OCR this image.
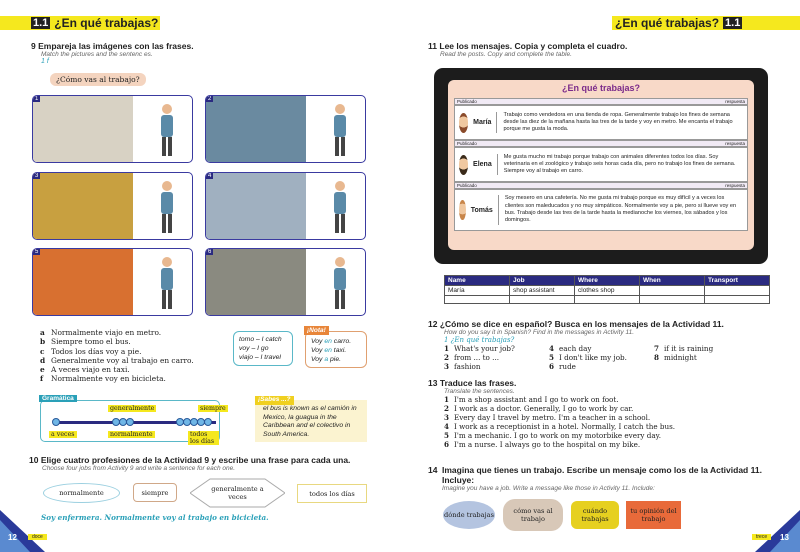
1.1 ¿En qué trabajas?
9 Empareja las imágenes con las frases.
Match the pictures and the sentenc es.
1 f
¿Cómo vas al trabajo?
1	2
3	4
5	6
a Normalmente viajo en metro.
b Siempre tomo el bus.
c Todos los días voy a pie.
d Generalmente voy al trabajo en carro.
e A veces viajo en taxi.
f Normalmente voy en bicicleta.
tomo – I catch
voy – I go
viajo – I travel
¡Nota!
Voy en carro.
Voy en taxi.
Voy a pie.
Gramática
generalmente	siempre
a veces	normalmente	todos los días
¡Sabes ...?
el bus is known as el camión in Mexico, la guagua in the Caribbean and el colectivo in South America.
10 Elige cuatro profesiones de la Actividad 9 y escribe una frase para cada una.
Choose four jobs from Activity 9 and write a sentence for each one.
normalmente	siempre	generalmente a veces	todos los días
Soy enfermera. Normalmente voy al trabajo en bicicleta.
12	doce
¿En qué trabajas? 1.1
11 Lee los mensajes. Copia y completa el cuadro.
Read the posts. Copy and complete the table.
¿En qué trabajas?
Publicado	respuesta
María
Trabajo como vendedora en una tienda de ropa. Generalmente trabajo los fines de semana desde las diez de la mañana hasta las tres de la tarde y voy en metro. Me encanta el trabajo porque me gusta la moda.
Publicado	respuesta
Elena
Me gusta mucho mi trabajo porque trabajo con animales diferentes todos los días. Soy veterinaria en el zoológico y trabajo seis horas cada día, pero no trabajo los fines de semana. Siempre voy al trabajo en carro.
Publicado	respuesta
Tomás
Soy mesero en una cafetería. No me gusta mi trabajo porque es muy difícil y a veces los clientes son maleducados y no muy simpáticos. Normalmente voy a pie, pero si llueve voy en bus. Trabajo desde las tres de la tarde hasta la medianoche los viernes, los sábados y los domingos.
Name	Job	Where	When	Transport
María	shop assistant	clothes shop		

12 ¿Cómo se dice en español? Busca en los mensajes de la Actividad 11.
How do you say it in Spanish? Find in the messages in Activity 11.
1 ¿En qué trabajas?
1 What's your job?
2 from ... to ...
3 fashion
4 each day
5 I don't like my job.
6 rude
7 if it is raining
8 midnight
13 Traduce las frases.
Translate the sentences.
1 I'm a shop assistant and I go to work on foot.
2 I work as a doctor. Generally, I go to work by car.
3 Every day I travel by metro. I'm a teacher in a school.
4 I work as a receptionist in a hotel. Normally, I catch the bus.
5 I'm a mechanic. I go to work on my motorbike every day.
6 I'm a nurse. I always go to the hospital on my bike.
14 Imagina que tienes un trabajo. Escribe un mensaje como los de la Actividad 11. Incluye:
Imagine you have a job. Write a message like those in Activity 11. Include:
dónde trabajas	cómo vas al trabajo
cuándo trabajas
tu opinión del trabajo
trece	13
